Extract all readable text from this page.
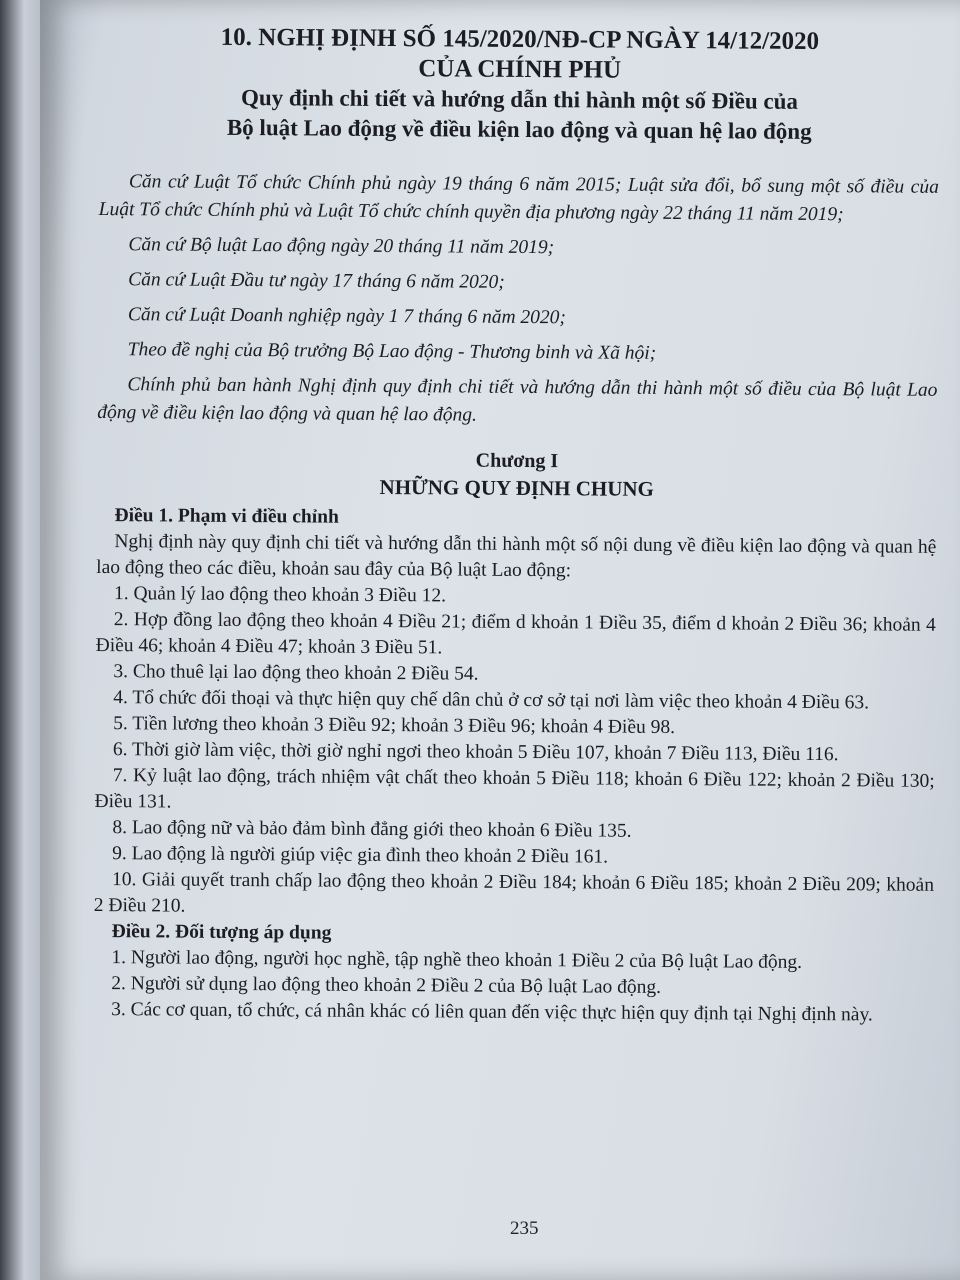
10. NGHỊ ĐỊNH SỐ 145/2020/NĐ-CP NGÀY 14/12/2020

CỦA CHÍNH PHỦ

Quy định chi tiết và hướng dẫn thi hành một số Điều của

Bộ luật Lao động về điều kiện lao động và quan hệ lao động

Căn cứ Luật Tổ chức Chính phủ ngày 19 tháng 6 năm 2015; Luật sửa đổi, bổ sung một số điều của Luật Tổ chức Chính phủ và Luật Tổ chức chính quyền địa phương ngày 22 tháng 11 năm 2019;

Căn cứ Bộ luật Lao động ngày 20 tháng 11 năm 2019;

Căn cứ Luật Đầu tư ngày 17 tháng 6 năm 2020;

Căn cứ Luật Doanh nghiệp ngày 1 7 tháng 6 năm 2020;

Theo đề nghị của Bộ trưởng Bộ Lao động - Thương binh và Xã hội;

Chính phủ ban hành Nghị định quy định chi tiết và hướng dẫn thi hành một số điều của Bộ luật Lao động về điều kiện lao động và quan hệ lao động.

Chương I

NHỮNG QUY ĐỊNH CHUNG

Điều 1. Phạm vi điều chỉnh

Nghị định này quy định chi tiết và hướng dẫn thi hành một số nội dung về điều kiện lao động và quan hệ lao động theo các điều, khoản sau đây của Bộ luật Lao động:

1. Quản lý lao động theo khoản 3 Điều 12.

2. Hợp đồng lao động theo khoản 4 Điều 21; điểm d khoản 1 Điều 35, điểm d khoản 2 Điều 36; khoản 4 Điều 46; khoản 4 Điều 47; khoản 3 Điều 51.

3. Cho thuê lại lao động theo khoản 2 Điều 54.

4. Tổ chức đối thoại và thực hiện quy chế dân chủ ở cơ sở tại nơi làm việc theo khoản 4 Điều 63.

5. Tiền lương theo khoản 3 Điều 92; khoản 3 Điều 96; khoản 4 Điều 98.

6. Thời giờ làm việc, thời giờ nghỉ ngơi theo khoản 5 Điều 107, khoản 7 Điều 113, Điều 116.

7. Kỷ luật lao động, trách nhiệm vật chất theo khoản 5 Điều 118; khoản 6 Điều 122; khoản 2 Điều 130; Điều 131.

8. Lao động nữ và bảo đảm bình đẳng giới theo khoản 6 Điều 135.

9. Lao động là người giúp việc gia đình theo khoản 2 Điều 161.

10. Giải quyết tranh chấp lao động theo khoản 2 Điều 184; khoản 6 Điều 185; khoản 2 Điều 209; khoản 2 Điều 210.

Điều 2. Đối tượng áp dụng

1. Người lao động, người học nghề, tập nghề theo khoản 1 Điều 2 của Bộ luật Lao động.

2. Người sử dụng lao động theo khoản 2 Điều 2 của Bộ luật Lao động.

3. Các cơ quan, tổ chức, cá nhân khác có liên quan đến việc thực hiện quy định tại Nghị định này.

235
